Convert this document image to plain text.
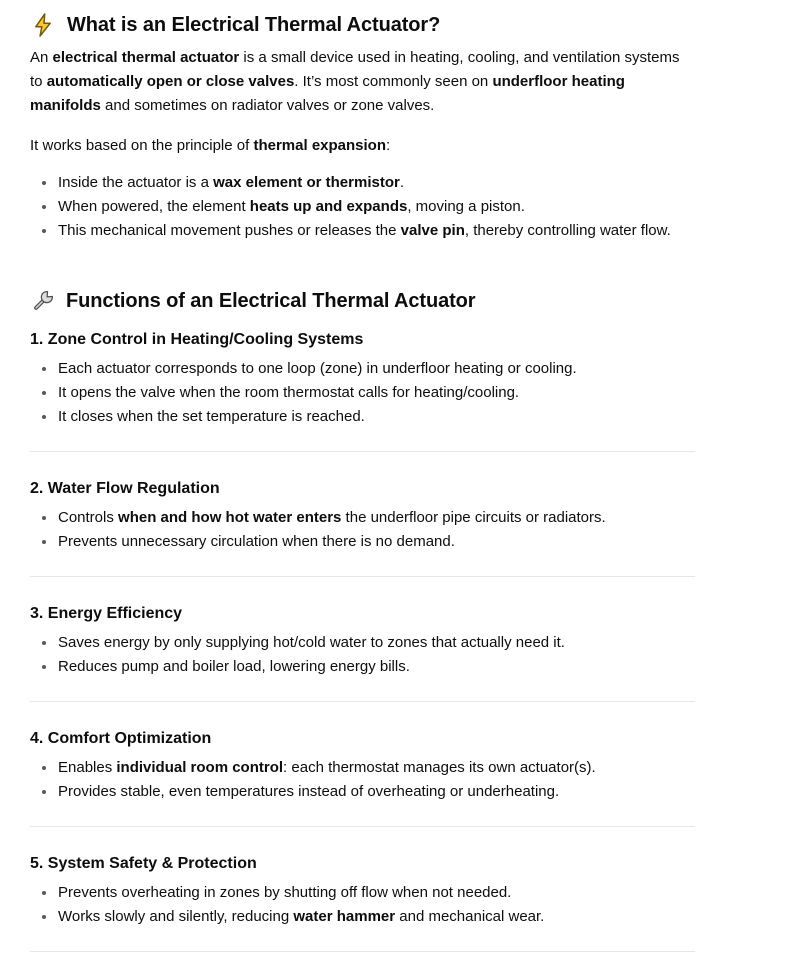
What is an Electrical Thermal Actuator?

An electrical thermal actuator is a small device used in heating, cooling, and ventilation systems to automatically open or close valves. It’s most commonly seen on underfloor heating manifolds and sometimes on radiator valves or zone valves.

It works based on the principle of thermal expansion:

Inside the actuator is a wax element or thermistor.
When powered, the element heats up and expands, moving a piston.
This mechanical movement pushes or releases the valve pin, thereby controlling water flow.
Functions of an Electrical Thermal Actuator
1. Zone Control in Heating/Cooling Systems
Each actuator corresponds to one loop (zone) in underfloor heating or cooling.
It opens the valve when the room thermostat calls for heating/cooling.
It closes when the set temperature is reached.
2. Water Flow Regulation
Controls when and how hot water enters the underfloor pipe circuits or radiators.
Prevents unnecessary circulation when there is no demand.
3. Energy Efficiency
Saves energy by only supplying hot/cold water to zones that actually need it.
Reduces pump and boiler load, lowering energy bills.
4. Comfort Optimization
Enables individual room control: each thermostat manages its own actuator(s).
Provides stable, even temperatures instead of overheating or underheating.
5. System Safety & Protection
Prevents overheating in zones by shutting off flow when not needed.
Works slowly and silently, reducing water hammer and mechanical wear.
